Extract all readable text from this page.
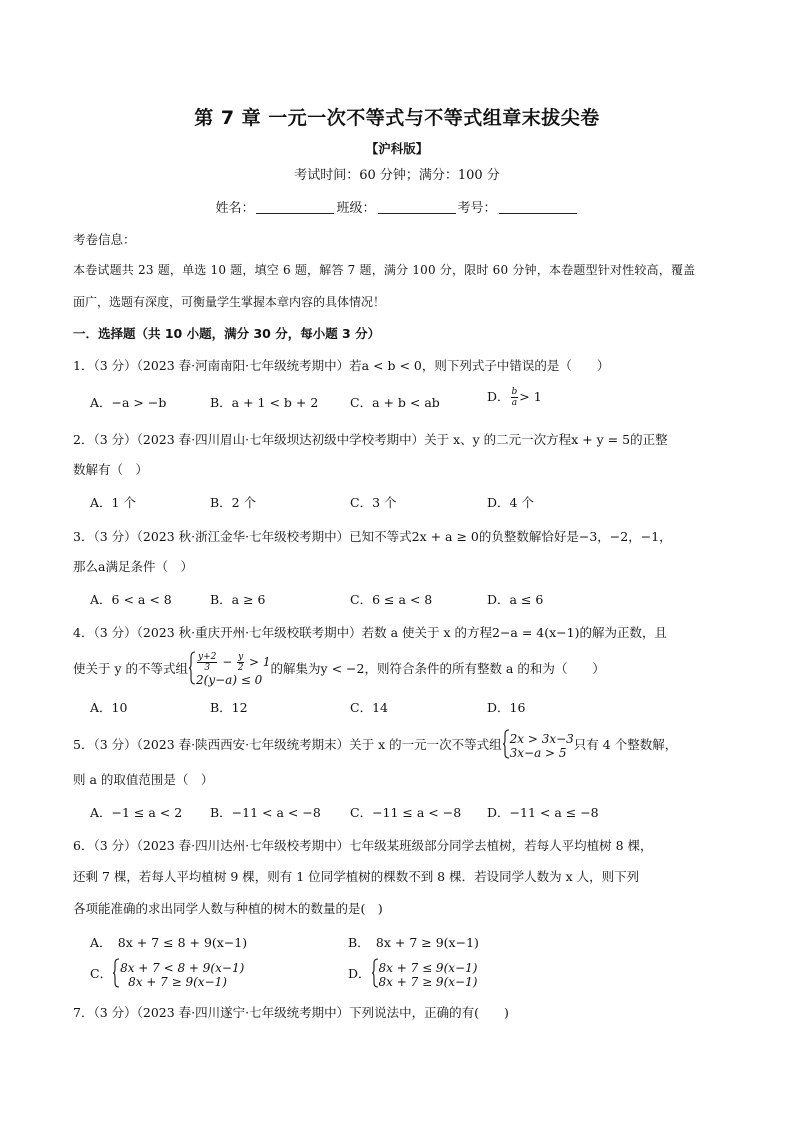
第 7 章 一元一次不等式与不等式组章末拔尖卷
【沪科版】
考试时间：60 分钟；满分：100 分
姓名：	班级：	考号：
考卷信息：
本卷试题共 23 题，单选 10 题，填空 6 题，解答 7 题，满分 100 分，限时 60 分钟，本卷题型针对性较高，覆盖
面广，选题有深度，可衡量学生掌握本章内容的具体情况！
一．选择题（共 10 小题，满分 30 分，每小题 3 分）
1．（3 分）（2023 春·河南南阳·七年级统考期中）若a < b < 0，则下列式子中错误的是（　　）
A．−a > −b	B．a + 1 < b + 2	C．a + b < ab	D． $\frac{b}{a} > 1$
2．（3 分）（2023 春·四川眉山·七年级坝达初级中学校考期中）关于 x、y 的二元一次方程x + y = 5的正整
数解有（　）
A．1 个	B．2 个	C．3 个	D．4 个
3．（3 分）（2023 秋·浙江金华·七年级校考期中）已知不等式2x + a ≥ 0的负整数解恰好是−3，−2，−1，
那么a满足条件（　）
A．6 < a < 8	B．a ≥ 6	C．6 ≤ a < 8	D．a ≤ 6
4．（3 分）（2023 秋·重庆开州·七年级校联考期中）若数 a 使关于 x 的方程2−a = 4(x−1)的解为正数，且
使关于 y 的不等式组 $\frac{y+2}{3} - \frac{y}{2} > 1$
2(y−a) ≤ 0
的解集为y < −2，则符合条件的所有整数 a 的和为（　　）
A．10	B．12	C．14	D．16
5．（3 分）（2023 春·陕西西安·七年级统考期末）关于 x 的一元一次不等式组 2x > 3x−3
3x−a > 5
只有 4 个整数解，
则 a 的取值范围是（　）
A．−1 ≤ a < 2 B．−11 < a < −8 C．−11 ≤ a < −8 D．−11 < a ≤ −8
6．（3 分）（2023 春·四川达州·七年级校考期中）七年级某班级部分同学去植树，若每人平均植树 8 棵，
还剩 7 棵，若每人平均植树 9 棵，则有 1 位同学植树的棵数不到 8 棵．若设同学人数为 x 人，则下列
各项能准确的求出同学人数与种植的树木的数量的是(　)
A．　8x + 7 ≤ 8 + 9(x−1)	B．　8x + 7 ≥ 9(x−1)
C． 8x + 7 < 8 + 9(x−1)
8x + 7 ≥ 9(x−1)
D． 8x + 7 ≤ 9(x−1)
8x + 7 ≥ 9(x−1)
7．（3 分）（2023 春·四川遂宁·七年级统考期中）下列说法中，正确的有(　　)
